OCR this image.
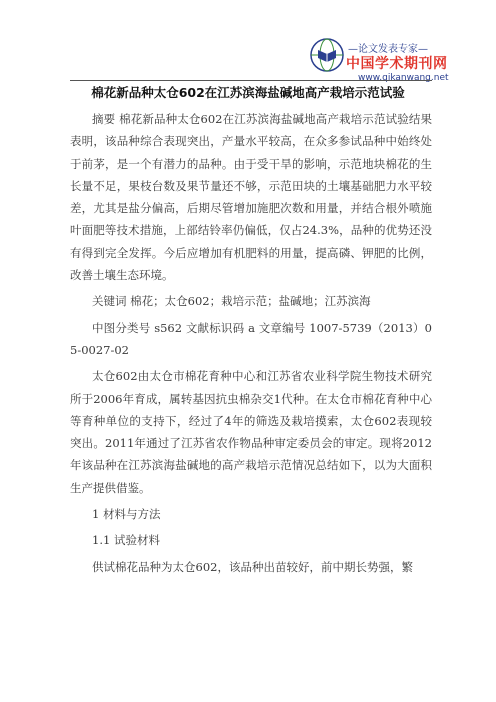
—论文发表专家—
中国学术期刊网
www.qikanwang.net
棉花新品种太仓602在江苏滨海盐碱地高产栽培示范试验

摘要 棉花新品种太仓602在江苏滨海盐碱地高产栽培示范试验结果表明，该品种综合表现突出，产量水平较高，在众多参试品种中始终处于前茅，是一个有潜力的品种。由于受干旱的影响，示范地块棉花的生长量不足，果枝台数及果节量还不够，示范田块的土壤基础肥力水平较差，尤其是盐分偏高，后期尽管增加施肥次数和用量，并结合根外喷施叶面肥等技术措施，上部结铃率仍偏低，仅占24.3%，品种的优势还没有得到完全发挥。今后应增加有机肥料的用量，提高磷、钾肥的比例，改善土壤生态环境。

关键词 棉花；太仓602；栽培示范；盐碱地；江苏滨海

中图分类号 s562 文献标识码 a 文章编号 1007-5739（2013）05-0027-02

太仓602由太仓市棉花育种中心和江苏省农业科学院生物技术研究所于2006年育成，属转基因抗虫棉杂交1代种。在太仓市棉花育种中心等育种单位的支持下，经过了4年的筛选及栽培摸索，太仓602表现较突出。2011年通过了江苏省农作物品种审定委员会的审定。现将2012年该品种在江苏滨海盐碱地的高产栽培示范情况总结如下，以为大面积生产提供借鉴。

1 材料与方法

1.1 试验材料

供试棉花品种为太仓602，该品种出苗较好，前中期长势强，繁
